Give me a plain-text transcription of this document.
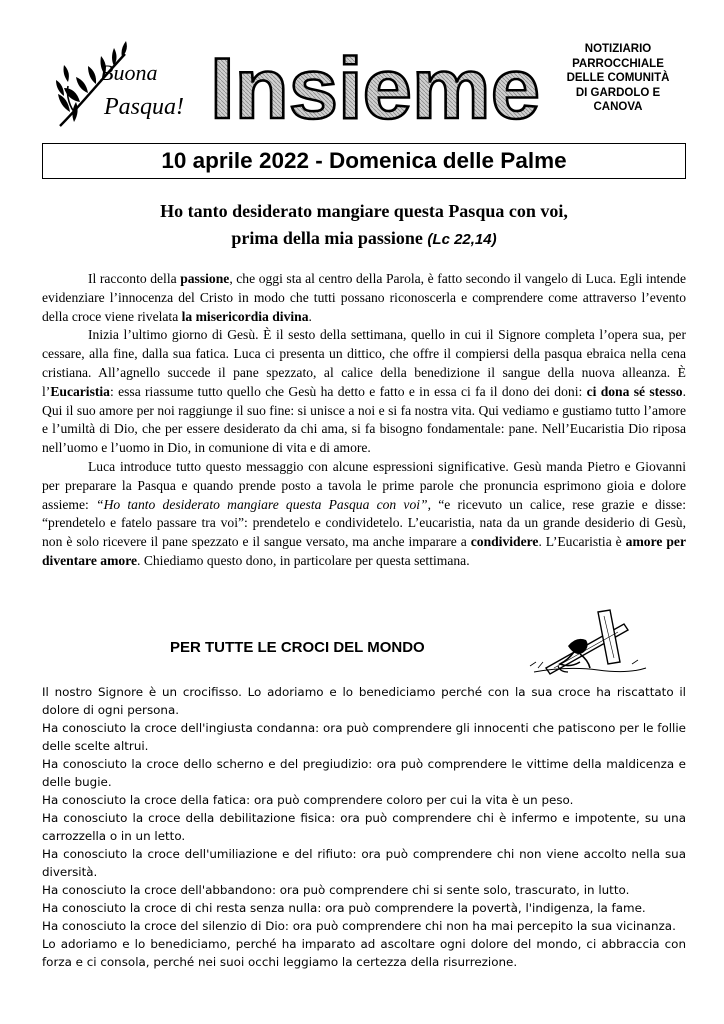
Buona
Pasqua! Insieme	NOTIZIARIO
PARROCCHIALE
DELLE COMUNITÀ
DI GARDOLO E
CANOVA
10 aprile 2022 - Domenica delle Palme
Ho tanto desiderato mangiare questa Pasqua con voi,
prima della mia passione (Lc 22,14)

Il racconto della passione, che oggi sta al centro della Parola, è fatto secondo il vangelo di Luca. Egli intende evidenziare l’innocenza del Cristo in modo che tutti possano riconoscerla e comprendere come attraverso l’evento della croce viene rivelata la misericordia divina.

Inizia l’ultimo giorno di Gesù. È il sesto della settimana, quello in cui il Signore completa l’opera sua, per cessare, alla fine, dalla sua fatica. Luca ci presenta un dittico, che offre il compiersi della pasqua ebraica nella cena cristiana. All’agnello succede il pane spezzato, al calice della benedizione il sangue della nuova alleanza. È l’Eucaristia: essa riassume tutto quello che Gesù ha detto e fatto e in essa ci fa il dono dei doni: ci dona sé stesso. Qui il suo amore per noi raggiunge il suo fine: si unisce a noi e si fa nostra vita. Qui vediamo e gustiamo tutto l’amore e l’umiltà di Dio, che per essere desiderato da chi ama, si fa bisogno fondamentale: pane. Nell’Eucaristia Dio riposa nell’uomo e l’uomo in Dio, in comunione di vita e di amore.

Luca introduce tutto questo messaggio con alcune espressioni significative. Gesù manda Pietro e Giovanni per preparare la Pasqua e quando prende posto a tavola le prime parole che pronuncia esprimono gioia e dolore assieme: “Ho tanto desiderato mangiare questa Pasqua con voi”, “e ricevuto un calice, rese grazie e disse: “prendetelo e fatelo passare tra voi”: prendetelo e condividetelo. L’eucaristia, nata da un grande desiderio di Gesù, non è solo ricevere il pane spezzato e il sangue versato, ma anche imparare a condividere. L’Eucaristia è amore per diventare amore. Chiediamo questo dono, in particolare per questa settimana.

PER TUTTE LE CROCI DEL MONDO

Il nostro Signore è un crocifisso. Lo adoriamo e lo benediciamo perché con la sua croce ha riscattato il dolore di ogni persona.

Ha conosciuto la croce dell'ingiusta condanna: ora può comprendere gli innocenti che patiscono per le follie delle scelte altrui.

Ha conosciuto la croce dello scherno e del pregiudizio: ora può comprendere le vittime della maldicenza e delle bugie.

Ha conosciuto la croce della fatica: ora può comprendere coloro per cui la vita è un peso.

Ha conosciuto la croce della debilitazione fisica: ora può comprendere chi è infermo e impotente, su una carrozzella o in un letto.

Ha conosciuto la croce dell'umiliazione e del rifiuto: ora può comprendere chi non viene accolto nella sua diversità.

Ha conosciuto la croce dell'abbandono: ora può comprendere chi si sente solo, trascurato, in lutto.

Ha conosciuto la croce di chi resta senza nulla: ora può comprendere la povertà, l'indigenza, la fame.

Ha conosciuto la croce del silenzio di Dio: ora può comprendere chi non ha mai percepito la sua vicinanza.

Lo adoriamo e lo benediciamo, perché ha imparato ad ascoltare ogni dolore del mondo, ci abbraccia con forza e ci consola, perché nei suoi occhi leggiamo la certezza della risurrezione.
